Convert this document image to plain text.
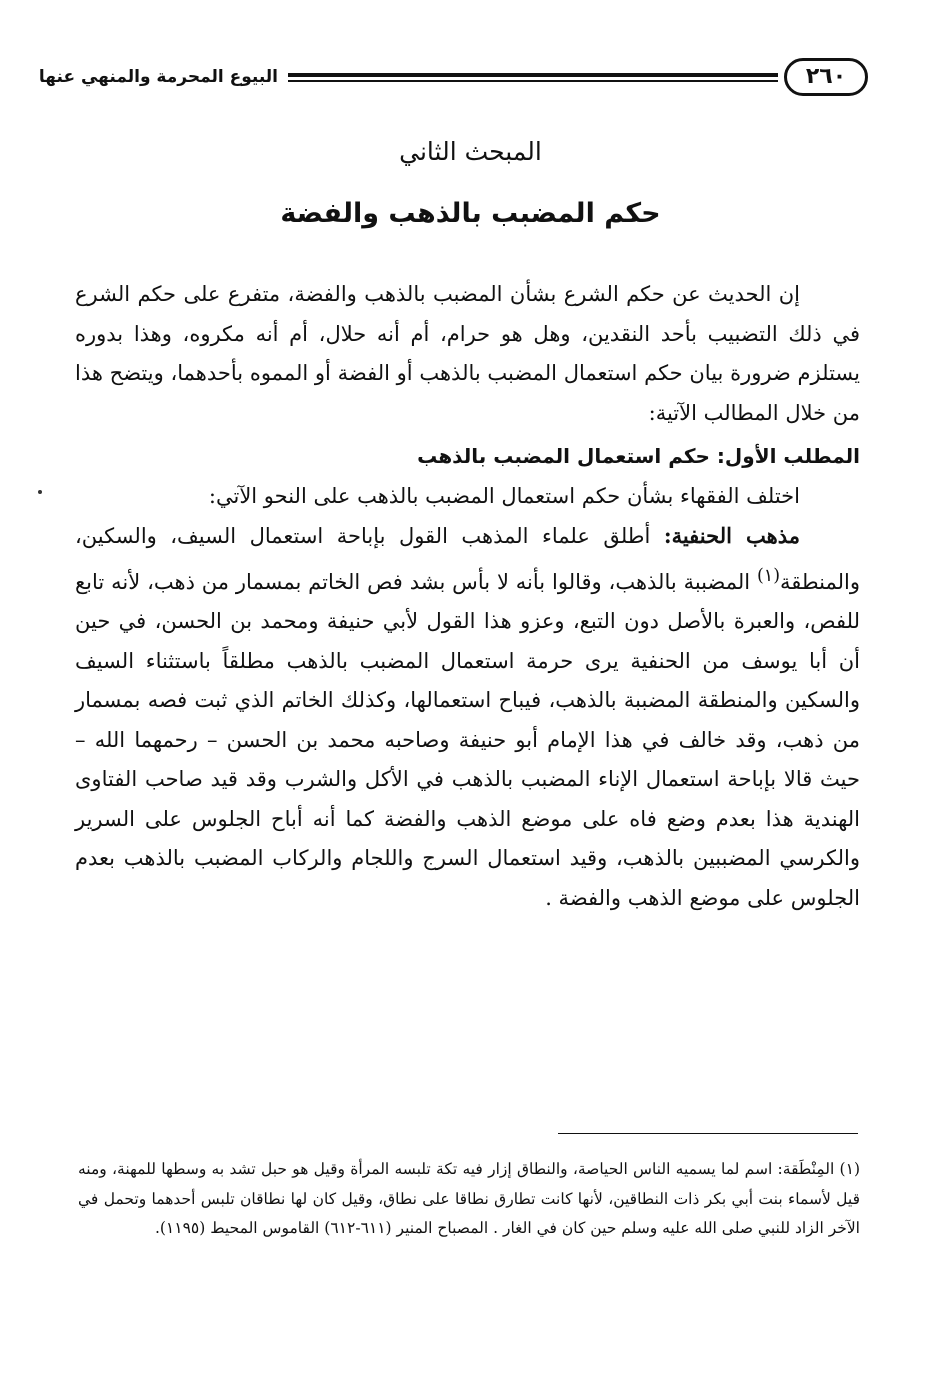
البيوع المحرمة والمنهي عنها	٢٦٠
المبحث الثاني
حكم المضبب بالذهب والفضة

إن الحديث عن حكم الشرع بشأن المضبب بالذهب والفضة، متفرع على حكم الشرع في ذلك التضبيب بأحد النقدين، وهل هو حرام، أم أنه حلال، أم أنه مكروه، وهذا بدوره يستلزم ضرورة بيان حكم استعمال المضبب بالذهب أو الفضة أو المموه بأحدهما، ويتضح هذا من خلال المطالب الآتية:

المطلب الأول: حكم استعمال المضبب بالذهب

اختلف الفقهاء بشأن حكم استعمال المضبب بالذهب على النحو الآتي:

مذهب الحنفية: أطلق علماء المذهب القول بإباحة استعمال السيف، والسكين، والمنطقة$^{(١)}$ المضببة بالذهب، وقالوا بأنه لا بأس بشد فص الخاتم بمسمار من ذهب، لأنه تابع للفص، والعبرة بالأصل دون التبع، وعزو هذا القول لأبي حنيفة ومحمد بن الحسن، في حين أن أبا يوسف من الحنفية يرى حرمة استعمال المضبب بالذهب مطلقاً باستثناء السيف والسكين والمنطقة المضببة بالذهب، فيباح استعمالها، وكذلك الخاتم الذي ثبت فصه بمسمار من ذهب، وقد خالف في هذا الإمام أبو حنيفة وصاحبه محمد بن الحسن – رحمهما الله – حيث قالا بإباحة استعمال الإناء المضبب بالذهب في الأكل والشرب وقد قيد صاحب الفتاوى الهندية هذا بعدم وضع فاه على موضع الذهب والفضة كما أنه أباح الجلوس على السرير والكرسي المضببين بالذهب، وقيد استعمال السرج واللجام والركاب المضبب بالذهب بعدم الجلوس على موضع الذهب والفضة .

(١) المِنْطَقة: اسم لما يسميه الناس الحياصة، والنطاق إزار فيه تكة تلبسه المرأة وقيل هو حبل تشد به وسطها للمهنة، ومنه قيل لأسماء بنت أبي بكر ذات النطاقين، لأنها كانت تطارق نطاقا على نطاق، وقيل كان لها نطاقان تلبس أحدهما وتحمل في الآخر الزاد للنبي صلى الله عليه وسلم حين كان في الغار . المصباح المنير (٦١١-٦١٢) القاموس المحيط (١١٩٥).
